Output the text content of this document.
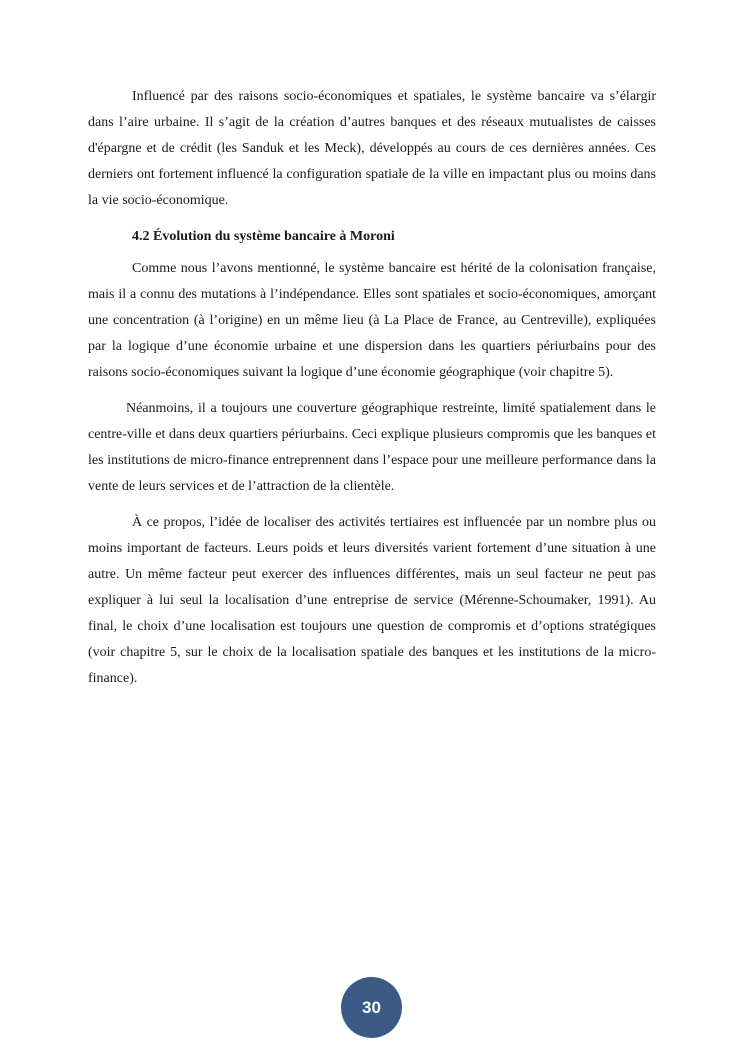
Influencé par des raisons socio-économiques et spatiales, le système bancaire va s’élargir dans l’aire urbaine. Il s’agit de la création d’autres banques et des réseaux mutualistes de caisses d'épargne et de crédit (les Sanduk et les Meck), développés au cours de ces dernières années. Ces derniers ont fortement influencé la configuration spatiale de la ville en impactant plus ou moins dans la vie socio-économique.

4.2 Évolution du système bancaire à Moroni

Comme nous l’avons mentionné, le système bancaire est hérité de la colonisation française, mais il a connu des mutations à l’indépendance. Elles sont spatiales et socio-économiques, amorçant une concentration (à l’origine) en un même lieu (à La Place de France, au Centreville), expliquées par la logique d’une économie urbaine et une dispersion dans les quartiers périurbains pour des raisons socio-économiques suivant la logique d’une économie géographique (voir chapitre 5).

Néanmoins, il a toujours une couverture géographique restreinte, limité spatialement dans le centre-ville et dans deux quartiers périurbains. Ceci explique plusieurs compromis que les banques et les institutions de micro-finance entreprennent dans l’espace pour une meilleure performance dans la vente de leurs services et de l’attraction de la clientèle.

À ce propos, l’idée de localiser des activités tertiaires est influencée par un nombre plus ou moins important de facteurs. Leurs poids et leurs diversités varient fortement d’une situation à une autre. Un même facteur peut exercer des influences différentes, mais un seul facteur ne peut pas expliquer à lui seul la localisation d’une entreprise de service (Mérenne-Schoumaker, 1991). Au final, le choix d’une localisation est toujours une question de compromis et d’options stratégiques (voir chapitre 5, sur le choix de la localisation spatiale des banques et les institutions de la micro-finance).

30
